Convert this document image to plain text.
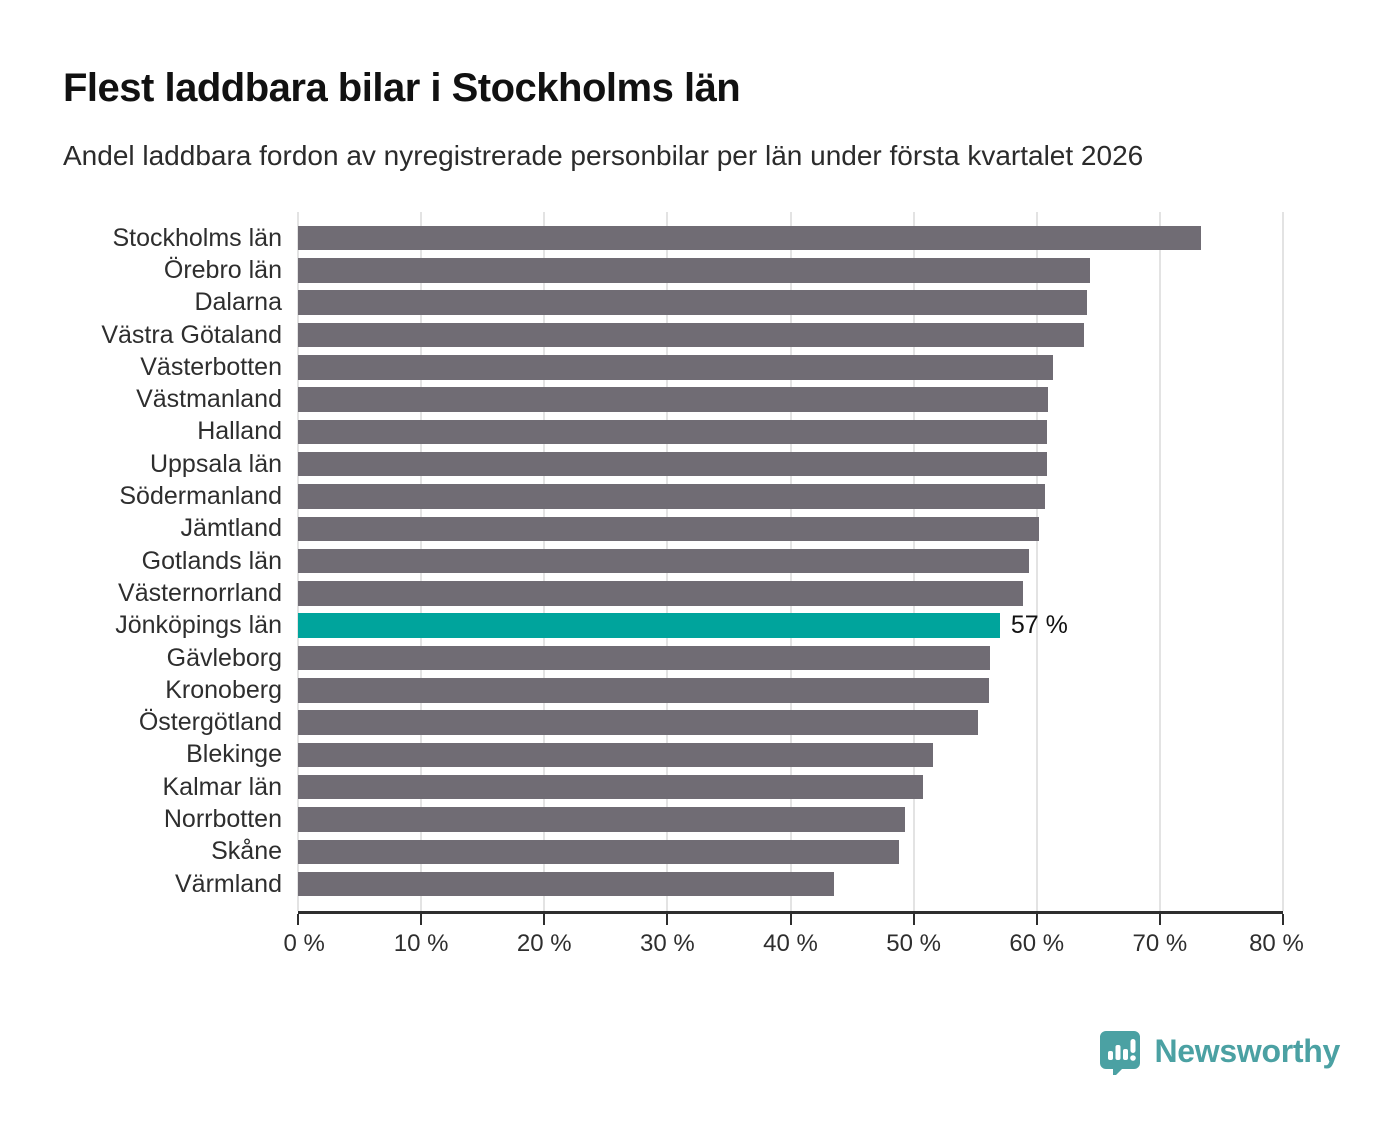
Flest laddbara bilar i Stockholms län

Andel laddbara fordon av nyregistrerade personbilar per län under första kvartalet 2026

Stockholms län
Örebro län
Dalarna
Västra Götaland
Västerbotten
Västmanland
Halland
Uppsala län
Södermanland
Jämtland
Gotlands län
Västernorrland
Jönköpings län	57 %
Gävleborg
Kronoberg
Östergötland
Blekinge
Kalmar län
Norrbotten
Skåne
Värmland
0 %	10 %	20 %	30 %	40 %	50 %	60 %	70 %	80 %
Newsworthy
